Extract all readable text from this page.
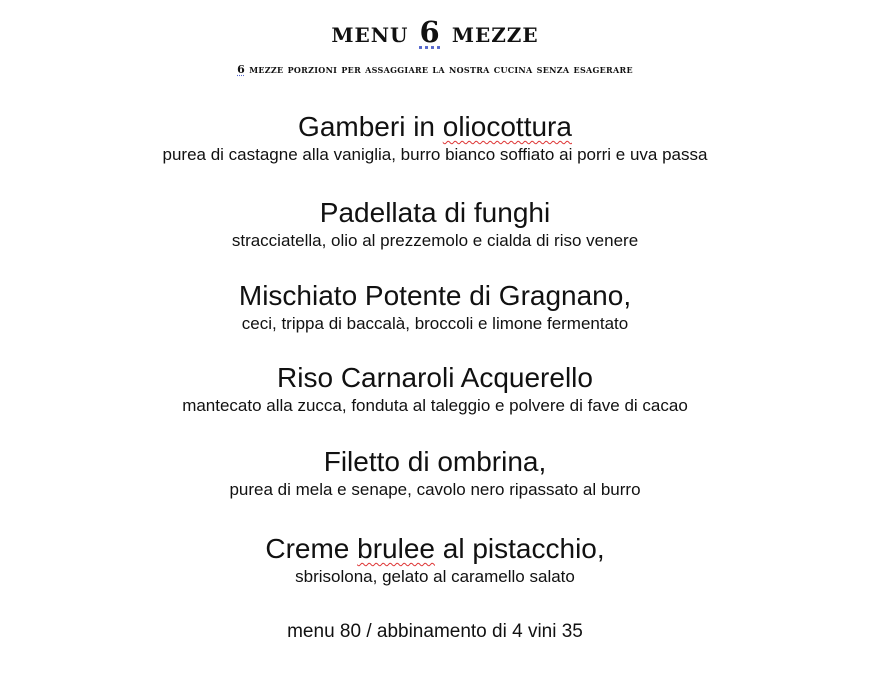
menu 6 mezze
6 mezze porzioni per assaggiare la nostra cucina senza esagerare
Gamberi in oliocottura
purea di castagne alla vaniglia, burro bianco soffiato ai porri e uva passa
Padellata di funghi
stracciatella, olio al prezzemolo e cialda di riso venere
Mischiato Potente di Gragnano,
ceci, trippa di baccalà, broccoli e limone fermentato
Riso Carnaroli Acquerello
mantecato alla zucca, fonduta al taleggio e polvere di fave di cacao
Filetto di ombrina,
purea di mela e senape, cavolo nero ripassato al burro
Creme brulee al pistacchio,
sbrisolona, gelato al caramello salato
menu 80 / abbinamento di 4 vini 35
